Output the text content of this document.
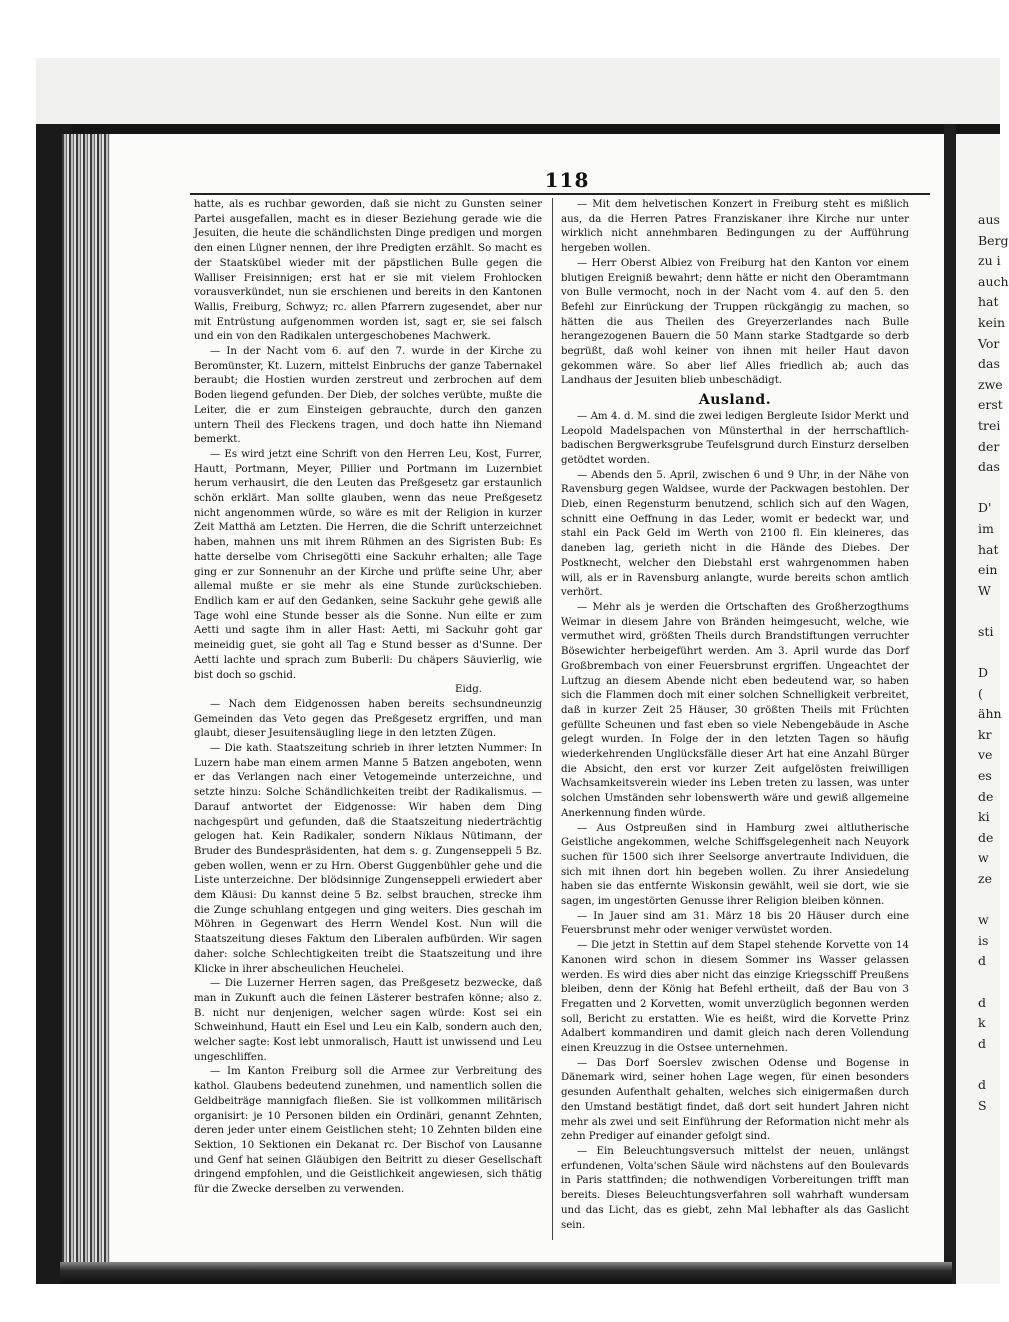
aus
Berg
zu i
auch
hat
kein
Vor
das
zwe
erst
trei
der
das

D'
im
hat
ein
W

sti

D
(
ähn
kr
ve
es
de
ki
de
w
ze

w
is
d

d
k
d

d
S
118

hatte, als es ruchbar geworden, daß sie nicht zu Gunsten seiner Partei ausgefallen, macht es in dieser Beziehung gerade wie die Jesuiten, die heute die schändlichsten Dinge predigen und morgen den einen Lügner nennen, der ihre Predigten erzählt. So macht es der Staatskübel wieder mit der päpstlichen Bulle gegen die Walliser Freisinnigen; erst hat er sie mit vielem Frohlocken vorausverkündet, nun sie erschienen und bereits in den Kantonen Wallis, Freiburg, Schwyz; rc. allen Pfarrern zugesendet, aber nur mit Entrüstung aufgenommen worden ist, sagt er, sie sei falsch und ein von den Radikalen untergeschobenes Machwerk.

— In der Nacht vom 6. auf den 7. wurde in der Kirche zu Beromünster, Kt. Luzern, mittelst Einbruchs der ganze Tabernakel beraubt; die Hostien wurden zerstreut und zerbrochen auf dem Boden liegend gefunden. Der Dieb, der solches verübte, mußte die Leiter, die er zum Einsteigen gebrauchte, durch den ganzen untern Theil des Fleckens tragen, und doch hatte ihn Niemand bemerkt.

— Es wird jetzt eine Schrift von den Herren Leu, Kost, Furrer, Hautt, Portmann, Meyer, Pillier und Portmann im Luzernbiet herum verhausirt, die den Leuten das Preßgesetz gar erstaunlich schön erklärt. Man sollte glauben, wenn das neue Preßgesetz nicht angenommen würde, so wäre es mit der Religion in kurzer Zeit Matthä am Letzten. Die Herren, die die Schrift unterzeichnet haben, mahnen uns mit ihrem Rühmen an des Sigristen Bub: Es hatte derselbe vom Chrisegötti eine Sackuhr erhalten; alle Tage ging er zur Sonnenuhr an der Kirche und prüfte seine Uhr, aber allemal mußte er sie mehr als eine Stunde zurückschieben. Endlich kam er auf den Gedanken, seine Sackuhr gehe gewiß alle Tage wohl eine Stunde besser als die Sonne. Nun eilte er zum Aetti und sagte ihm in aller Hast: Aetti, mi Sackuhr goht gar meineidig guet, sie goht all Tag e Stund besser as d'Sunne. Der Aetti lachte und sprach zum Buberli: Du chäpers Säuvierlig, wie bist doch so gschid.

Eidg.

— Nach dem Eidgenossen haben bereits sechsundneunzig Gemeinden das Veto gegen das Preßgesetz ergriffen, und man glaubt, dieser Jesuitensäugling liege in den letzten Zügen.

— Die kath. Staatszeitung schrieb in ihrer letzten Nummer: In Luzern habe man einem armen Manne 5 Batzen angeboten, wenn er das Verlangen nach einer Vetogemeinde unterzeichne, und setzte hinzu: Solche Schändlichkeiten treibt der Radikalismus. — Darauf antwortet der Eidgenosse: Wir haben dem Ding nachgespürt und gefunden, daß die Staatszeitung niederträchtig gelogen hat. Kein Radikaler, sondern Niklaus Nütimann, der Bruder des Bundespräsidenten, hat dem s. g. Zungenseppeli 5 Bz. geben wollen, wenn er zu Hrn. Oberst Guggenbühler gehe und die Liste unterzeichne. Der blödsinnige Zungenseppeli erwiedert aber dem Kläusi: Du kannst deine 5 Bz. selbst brauchen, strecke ihm die Zunge schuhlang entgegen und ging weiters. Dies geschah im Möhren in Gegenwart des Herrn Wendel Kost. Nun will die Staatszeitung dieses Faktum den Liberalen aufbürden. Wir sagen daher: solche Schlechtigkeiten treibt die Staatszeitung und ihre Klicke in ihrer abscheulichen Heuchelei.

— Die Luzerner Herren sagen, das Preßgesetz bezwecke, daß man in Zukunft auch die feinen Lästerer bestrafen könne; also z. B. nicht nur denjenigen, welcher sagen würde: Kost sei ein Schweinhund, Hautt ein Esel und Leu ein Kalb, sondern auch den, welcher sagte: Kost lebt unmoralisch, Hautt ist unwissend und Leu ungeschliffen.

— Im Kanton Freiburg soll die Armee zur Verbreitung des kathol. Glaubens bedeutend zunehmen, und namentlich sollen die Geldbeiträge mannigfach fließen. Sie ist vollkommen militärisch organisirt: je 10 Personen bilden ein Ordinäri, genannt Zehnten, deren jeder unter einem Geistlichen steht; 10 Zehnten bilden eine Sektion, 10 Sektionen ein Dekanat rc. Der Bischof von Lausanne und Genf hat seinen Gläubigen den Beitritt zu dieser Gesellschaft dringend empfohlen, und die Geistlichkeit angewiesen, sich thätig für die Zwecke derselben zu verwenden.

— Mit dem helvetischen Konzert in Freiburg steht es mißlich aus, da die Herren Patres Franziskaner ihre Kirche nur unter wirklich nicht annehmbaren Bedingungen zu der Aufführung hergeben wollen.

— Herr Oberst Albiez von Freiburg hat den Kanton vor einem blutigen Ereigniß bewahrt; denn hätte er nicht den Oberamtmann von Bulle vermocht, noch in der Nacht vom 4. auf den 5. den Befehl zur Einrückung der Truppen rückgängig zu machen, so hätten die aus Theilen des Greyerzerlandes nach Bulle herangezogenen Bauern die 50 Mann starke Stadtgarde so derb begrüßt, daß wohl keiner von ihnen mit heiler Haut davon gekommen wäre. So aber lief Alles friedlich ab; auch das Landhaus der Jesuiten blieb unbeschädigt.

Ausland.

— Am 4. d. M. sind die zwei ledigen Bergleute Isidor Merkt und Leopold Madelspachen von Münsterthal in der herrschaftlich-badischen Bergwerksgrube Teufelsgrund durch Einsturz derselben getödtet worden.

— Abends den 5. April, zwischen 6 und 9 Uhr, in der Nähe von Ravensburg gegen Waldsee, wurde der Packwagen bestohlen. Der Dieb, einen Regensturm benutzend, schlich sich auf den Wagen, schnitt eine Oeffnung in das Leder, womit er bedeckt war, und stahl ein Pack Geld im Werth von 2100 fl. Ein kleineres, das daneben lag, gerieth nicht in die Hände des Diebes. Der Postknecht, welcher den Diebstahl erst wahrgenommen haben will, als er in Ravensburg anlangte, wurde bereits schon amtlich verhört.

— Mehr als je werden die Ortschaften des Großherzogthums Weimar in diesem Jahre von Bränden heimgesucht, welche, wie vermuthet wird, größten Theils durch Brandstiftungen verruchter Bösewichter herbeigeführt werden. Am 3. April wurde das Dorf Großbrembach von einer Feuersbrunst ergriffen. Ungeachtet der Luftzug an diesem Abende nicht eben bedeutend war, so haben sich die Flammen doch mit einer solchen Schnelligkeit verbreitet, daß in kurzer Zeit 25 Häuser, 30 größten Theils mit Früchten gefüllte Scheunen und fast eben so viele Nebengebäude in Asche gelegt wurden. In Folge der in den letzten Tagen so häufig wiederkehrenden Unglücksfälle dieser Art hat eine Anzahl Bürger die Absicht, den erst vor kurzer Zeit aufgelösten freiwilligen Wachsamkeitsverein wieder ins Leben treten zu lassen, was unter solchen Umständen sehr lobenswerth wäre und gewiß allgemeine Anerkennung finden würde.

— Aus Ostpreußen sind in Hamburg zwei altlutherische Geistliche angekommen, welche Schiffsgelegenheit nach Neuyork suchen für 1500 sich ihrer Seelsorge anvertraute Individuen, die sich mit ihnen dort hin begeben wollen. Zu ihrer Ansiedelung haben sie das entfernte Wiskonsin gewählt, weil sie dort, wie sie sagen, im ungestörten Genusse ihrer Religion bleiben können.

— In Jauer sind am 31. März 18 bis 20 Häuser durch eine Feuersbrunst mehr oder weniger verwüstet worden.

— Die jetzt in Stettin auf dem Stapel stehende Korvette von 14 Kanonen wird schon in diesem Sommer ins Wasser gelassen werden. Es wird dies aber nicht das einzige Kriegsschiff Preußens bleiben, denn der König hat Befehl ertheilt, daß der Bau von 3 Fregatten und 2 Korvetten, womit unverzüglich begonnen werden soll, Bericht zu erstatten. Wie es heißt, wird die Korvette Prinz Adalbert kommandiren und damit gleich nach deren Vollendung einen Kreuzzug in die Ostsee unternehmen.

— Das Dorf Soerslev zwischen Odense und Bogense in Dänemark wird, seiner hohen Lage wegen, für einen besonders gesunden Aufenthalt gehalten, welches sich einigermaßen durch den Umstand bestätigt findet, daß dort seit hundert Jahren nicht mehr als zwei und seit Einführung der Reformation nicht mehr als zehn Prediger auf einander gefolgt sind.

— Ein Beleuchtungsversuch mittelst der neuen, unlängst erfundenen, Volta'schen Säule wird nächstens auf den Boulevards in Paris stattfinden; die nothwendigen Vorbereitungen trifft man bereits. Dieses Beleuchtungsverfahren soll wahrhaft wundersam und das Licht, das es giebt, zehn Mal lebhafter als das Gaslicht sein.
